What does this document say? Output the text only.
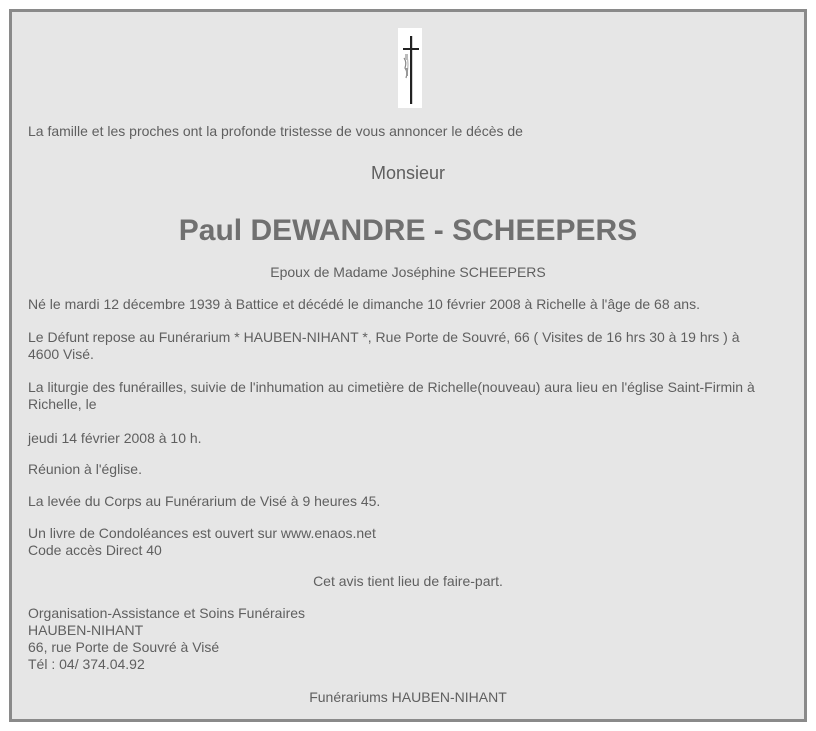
La famille et les proches ont la profonde tristesse de vous annoncer le décès de

Monsieur

Paul DEWANDRE - SCHEEPERS

Epoux de Madame Joséphine SCHEEPERS

Né le mardi 12 décembre 1939 à Battice et décédé le dimanche 10 février 2008 à Richelle à l'âge de 68 ans.

Le Défunt repose au Funérarium * HAUBEN-NIHANT *, Rue Porte de Souvré, 66 ( Visites de 16 hrs 30 à 19 hrs ) à
4600 Visé.
La liturgie des funérailles, suivie de l'inhumation au cimetière de Richelle(nouveau) aura lieu en l'église Saint-Firmin à
Richelle, le

jeudi 14 février 2008 à 10 h.

Réunion à l'église.

La levée du Corps au Funérarium de Visé à 9 heures 45.

Un livre de Condoléances est ouvert sur www.enaos.net
Code accès Direct 40

Cet avis tient lieu de faire-part.

Organisation-Assistance et Soins Funéraires
HAUBEN-NIHANT
66, rue Porte de Souvré à Visé
Tél : 04/ 374.04.92

Funérariums HAUBEN-NIHANT
